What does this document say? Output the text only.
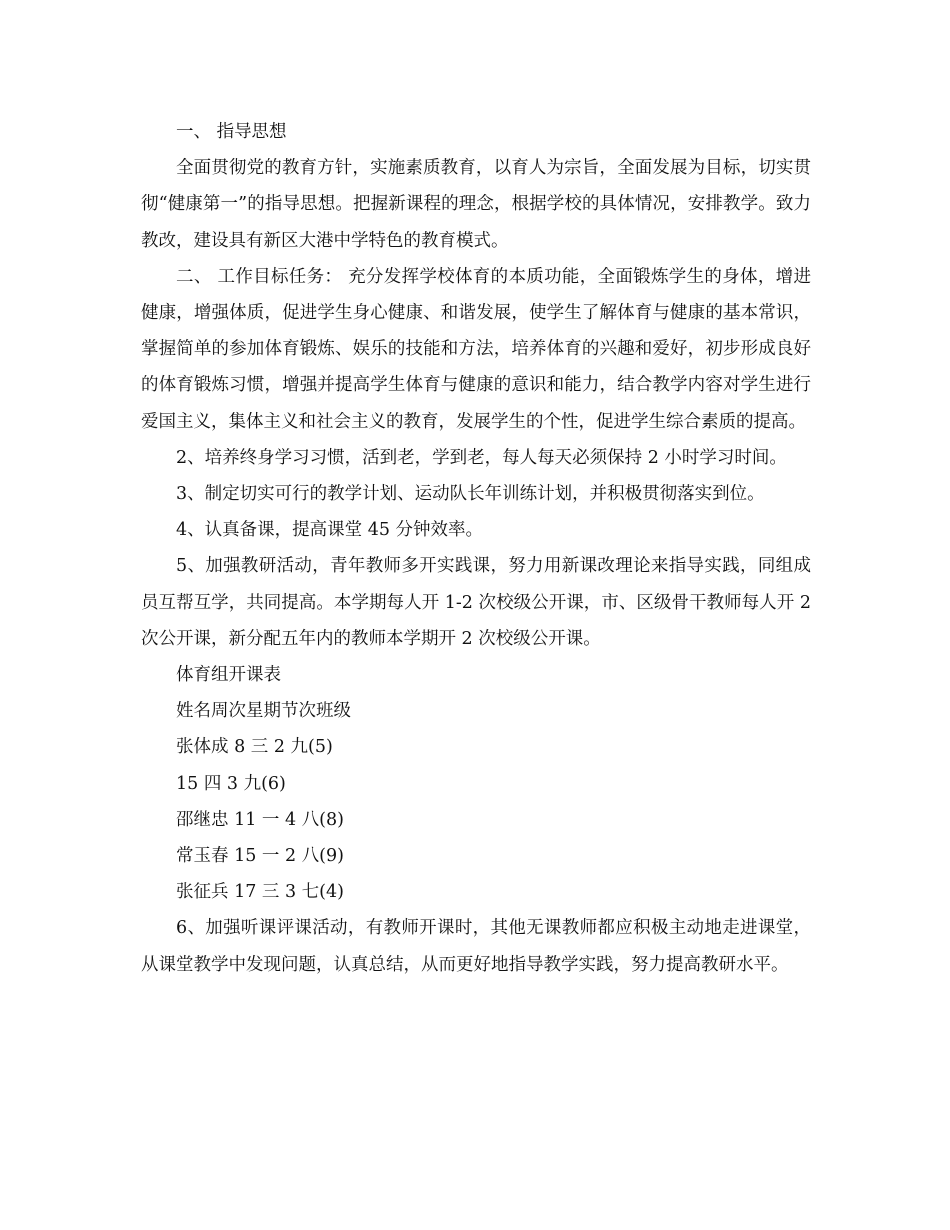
一、 指导思想

全面贯彻党的教育方针，实施素质教育，以育人为宗旨，全面发展为目标，切实贯彻“健康第一”的指导思想。把握新课程的理念，根据学校的具体情况，安排教学。致力教改，建设具有新区大港中学特色的教育模式。

二、 工作目标任务： 充分发挥学校体育的本质功能，全面锻炼学生的身体，增进健康，增强体质，促进学生身心健康、和谐发展，使学生了解体育与健康的基本常识，掌握简单的参加体育锻炼、娱乐的技能和方法，培养体育的兴趣和爱好，初步形成良好的体育锻炼习惯，增强并提高学生体育与健康的意识和能力，结合教学内容对学生进行爱国主义，集体主义和社会主义的教育，发展学生的个性，促进学生综合素质的提高。

2、培养终身学习习惯，活到老，学到老，每人每天必须保持 2 小时学习时间。

3、制定切实可行的教学计划、运动队长年训练计划，并积极贯彻落实到位。

4、认真备课，提高课堂 45 分钟效率。

5、加强教研活动，青年教师多开实践课，努力用新课改理论来指导实践，同组成员互帮互学，共同提高。本学期每人开 1-2 次校级公开课，市、区级骨干教师每人开 2 次公开课，新分配五年内的教师本学期开 2 次校级公开课。

体育组开课表

姓名周次星期节次班级

张体成 8 三 2 九(5)

15 四 3 九(6)

邵继忠 11 一 4 八(8)

常玉春 15 一 2 八(9)

张征兵 17 三 3 七(4)

6、加强听课评课活动，有教师开课时，其他无课教师都应积极主动地走进课堂，从课堂教学中发现问题，认真总结，从而更好地指导教学实践，努力提高教研水平。
